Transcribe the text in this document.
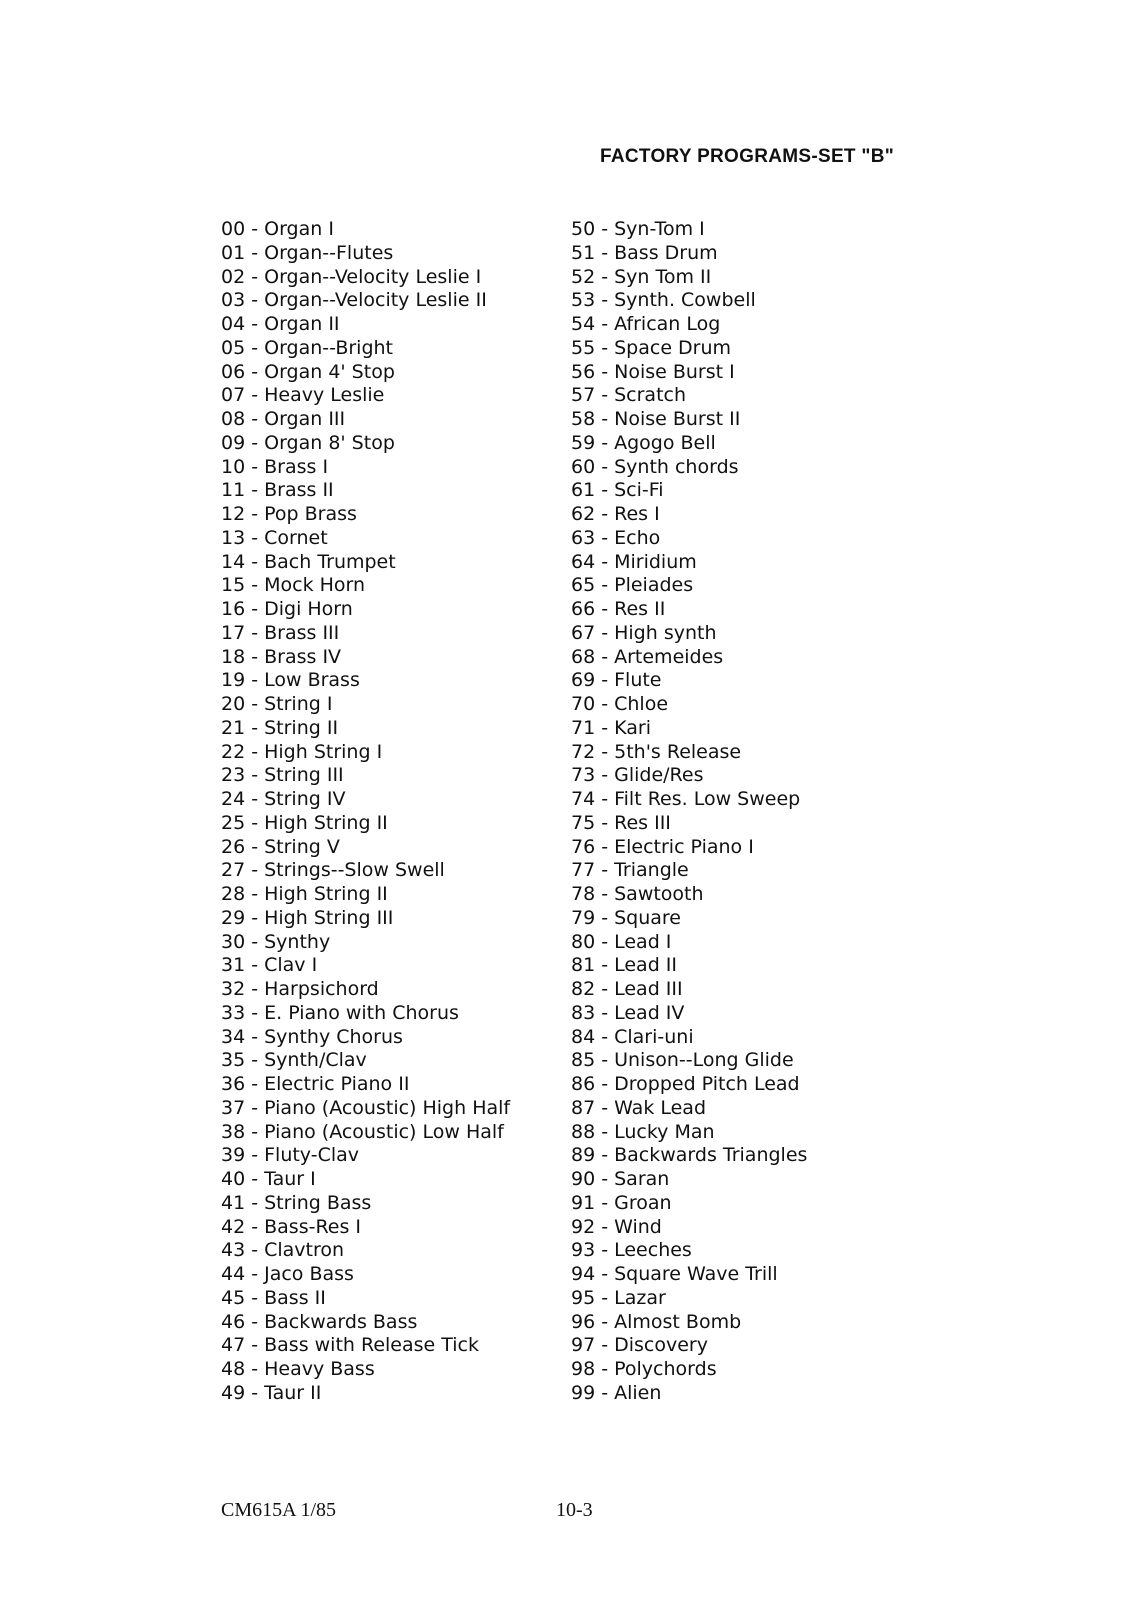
FACTORY PROGRAMS-SET "B"
00 - Organ I
01 - Organ--Flutes
02 - Organ--Velocity Leslie I
03 - Organ--Velocity Leslie II
04 - Organ II
05 - Organ--Bright
06 - Organ 4' Stop
07 - Heavy Leslie
08 - Organ III
09 - Organ 8' Stop
10 - Brass I
11 - Brass II
12 - Pop Brass
13 - Cornet
14 - Bach Trumpet
15 - Mock Horn
16 - Digi Horn
17 - Brass III
18 - Brass IV
19 - Low Brass
20 - String I
21 - String II
22 - High String I
23 - String III
24 - String IV
25 - High String II
26 - String V
27 - Strings--Slow Swell
28 - High String II
29 - High String III
30 - Synthy
31 - Clav I
32 - Harpsichord
33 - E. Piano with Chorus
34 - Synthy Chorus
35 - Synth/Clav
36 - Electric Piano II
37 - Piano (Acoustic) High Half
38 - Piano (Acoustic) Low Half
39 - Fluty-Clav
40 - Taur I
41 - String Bass
42 - Bass-Res I
43 - Clavtron
44 - Jaco Bass
45 - Bass II
46 - Backwards Bass
47 - Bass with Release Tick
48 - Heavy Bass
49 - Taur II
50 - Syn-Tom I
51 - Bass Drum
52 - Syn Tom II
53 - Synth. Cowbell
54 - African Log
55 - Space Drum
56 - Noise Burst I
57 - Scratch
58 - Noise Burst II
59 - Agogo Bell
60 - Synth chords
61 - Sci-Fi
62 - Res I
63 - Echo
64 - Miridium
65 - Pleiades
66 - Res II
67 - High synth
68 - Artemeides
69 - Flute
70 - Chloe
71 - Kari
72 - 5th's Release
73 - Glide/Res
74 - Filt Res. Low Sweep
75 - Res III
76 - Electric Piano I
77 - Triangle
78 - Sawtooth
79 - Square
80 - Lead I
81 - Lead II
82 - Lead III
83 - Lead IV
84 - Clari-uni
85 - Unison--Long Glide
86 - Dropped Pitch Lead
87 - Wak Lead
88 - Lucky Man
89 - Backwards Triangles
90 - Saran
91 - Groan
92 - Wind
93 - Leeches
94 - Square Wave Trill
95 - Lazar
96 - Almost Bomb
97 - Discovery
98 - Polychords
99 - Alien
CM615A 1/85	10-3
